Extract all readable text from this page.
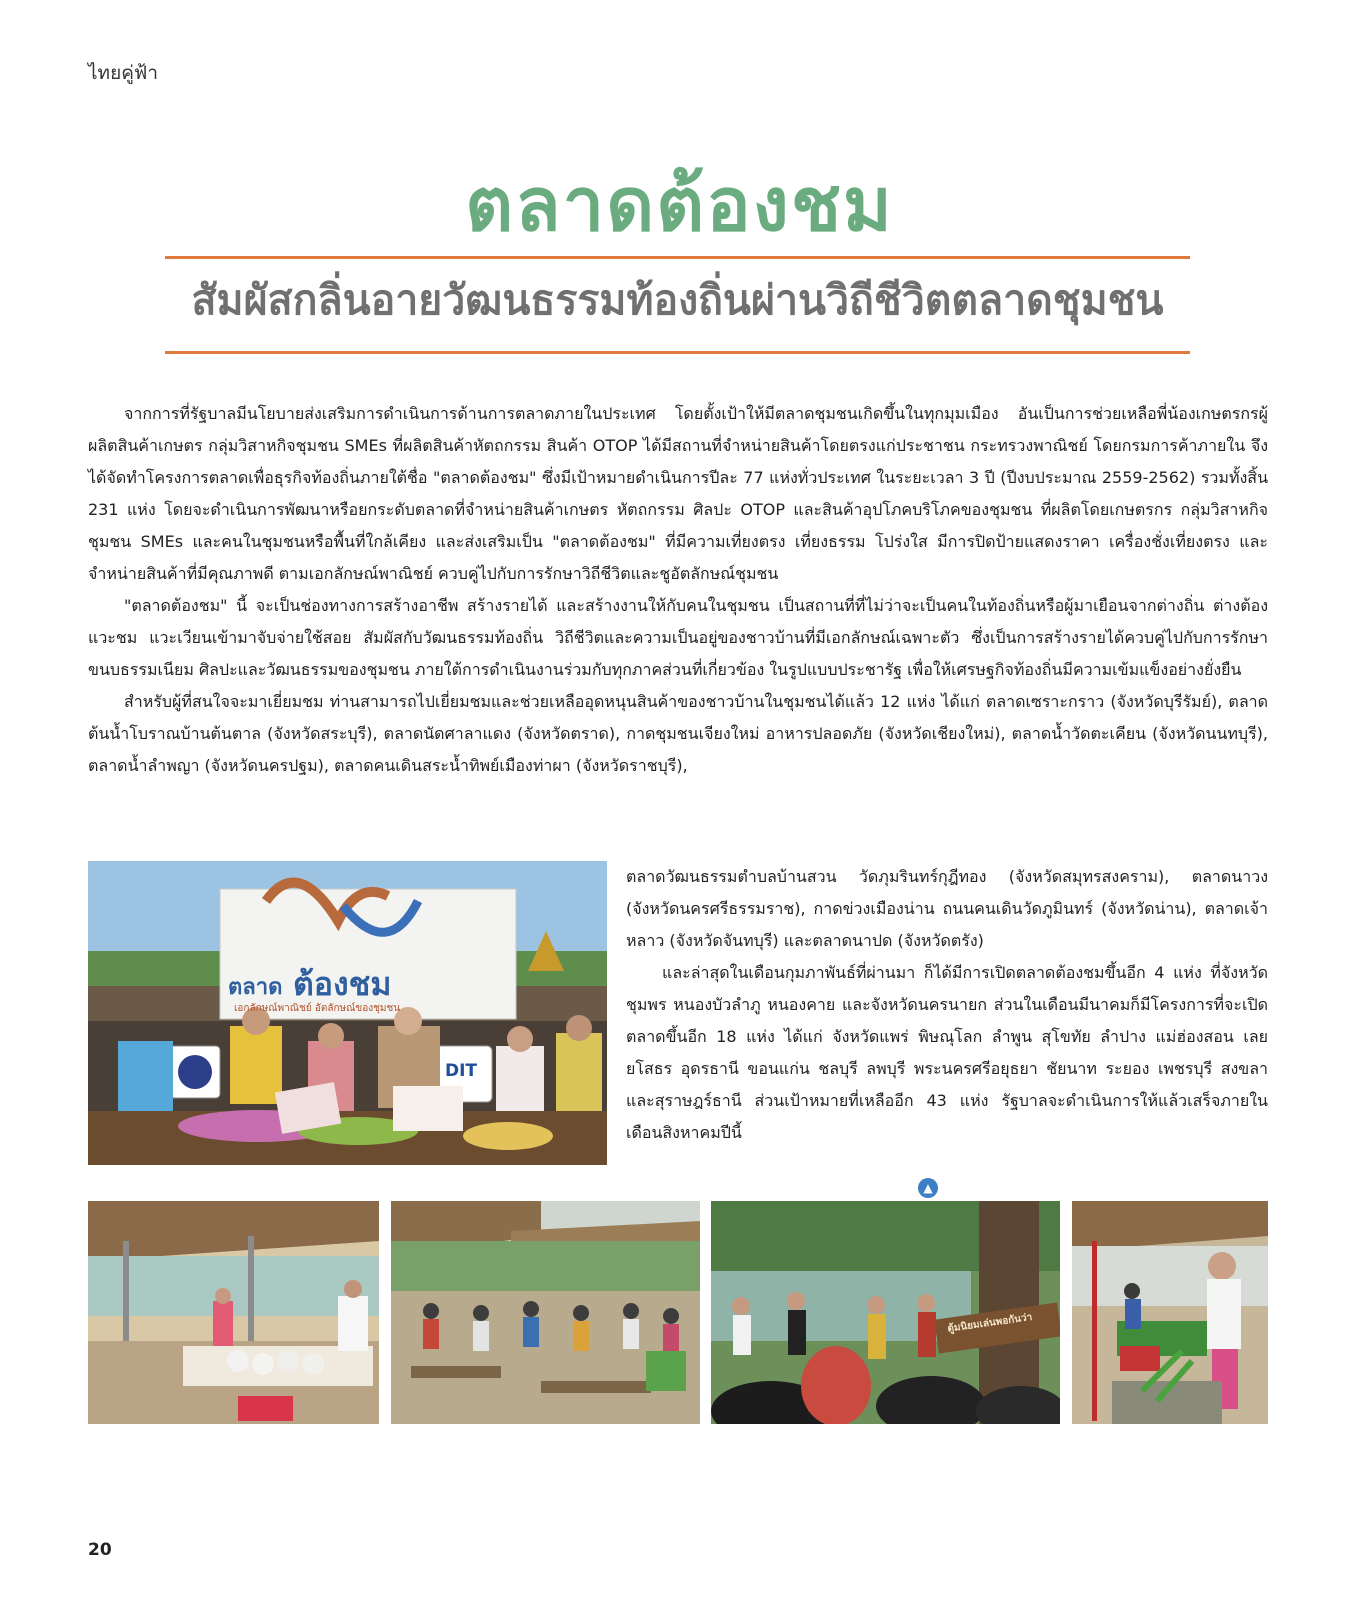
ไทยคู่ฟ้า
ตลาดต้องชม
สัมผัสกลิ่นอายวัฒนธรรมท้องถิ่นผ่านวิถีชีวิตตลาดชุมชน

จากการที่รัฐบาลมีนโยบายส่งเสริมการดำเนินการด้านการตลาดภายในประเทศ โดยตั้งเป้าให้มีตลาดชุมชนเกิดขึ้นในทุกมุมเมือง อันเป็นการช่วยเหลือพี่น้องเกษตรกรผู้ผลิตสินค้าเกษตร กลุ่มวิสาหกิจชุมชน SMEs ที่ผลิตสินค้าหัตถกรรม สินค้า OTOP ได้มีสถานที่จำหน่ายสินค้าโดยตรงแก่ประชาชน กระทรวงพาณิชย์ โดยกรมการค้าภายใน จึงได้จัดทำโครงการตลาดเพื่อธุรกิจท้องถิ่นภายใต้ชื่อ "ตลาดต้องชม" ซึ่งมีเป้าหมายดำเนินการปีละ 77 แห่งทั่วประเทศ ในระยะเวลา 3 ปี (ปีงบประมาณ 2559-2562) รวมทั้งสิ้น 231 แห่ง โดยจะดำเนินการพัฒนาหรือยกระดับตลาดที่จำหน่ายสินค้าเกษตร หัตถกรรม ศิลปะ OTOP และสินค้าอุปโภคบริโภคของชุมชน ที่ผลิตโดยเกษตรกร กลุ่มวิสาหกิจชุมชน SMEs และคนในชุมชนหรือพื้นที่ใกล้เคียง และส่งเสริมเป็น "ตลาดต้องชม" ที่มีความเที่ยงตรง เที่ยงธรรม โปร่งใส มีการปิดป้ายแสดงราคา เครื่องชั่งเที่ยงตรง และจำหน่ายสินค้าที่มีคุณภาพดี ตามเอกลักษณ์พาณิชย์ ควบคู่ไปกับการรักษาวิถีชีวิตและชูอัตลักษณ์ชุมชน

"ตลาดต้องชม" นี้ จะเป็นช่องทางการสร้างอาชีพ สร้างรายได้ และสร้างงานให้กับคนในชุมชน เป็นสถานที่ที่ไม่ว่าจะเป็นคนในท้องถิ่นหรือผู้มาเยือนจากต่างถิ่น ต่างต้องแวะชม แวะเวียนเข้ามาจับจ่ายใช้สอย สัมผัสกับวัฒนธรรมท้องถิ่น วิถีชีวิตและความเป็นอยู่ของชาวบ้านที่มีเอกลักษณ์เฉพาะตัว ซึ่งเป็นการสร้างรายได้ควบคู่ไปกับการรักษาขนบธรรมเนียม ศิลปะและวัฒนธรรมของชุมชน ภายใต้การดำเนินงานร่วมกับทุกภาคส่วนที่เกี่ยวข้อง ในรูปแบบประชารัฐ เพื่อให้เศรษฐกิจท้องถิ่นมีความเข้มแข็งอย่างยั่งยืน

สำหรับผู้ที่สนใจจะมาเยี่ยมชม ท่านสามารถไปเยี่ยมชมและช่วยเหลืออุดหนุนสินค้าของชาวบ้านในชุมชนได้แล้ว 12 แห่ง ได้แก่ ตลาดเซราะกราว (จังหวัดบุรีรัมย์), ตลาดต้นน้ำโบราณบ้านต้นตาล (จังหวัดสระบุรี), ตลาดนัดศาลาแดง (จังหวัดตราด), กาดชุมชนเจียงใหม่ อาหารปลอดภัย (จังหวัดเชียงใหม่), ตลาดน้ำวัดตะเคียน (จังหวัดนนทบุรี), ตลาดน้ำลำพญา (จังหวัดนครปฐม), ตลาดคนเดินสระน้ำทิพย์เมืองท่าผา (จังหวัดราชบุรี),

ตลาด ต้องชม
เอกลักษณ์พาณิชย์ อัตลักษณ์ของชุมชน
DIT

ตลาดวัฒนธรรมตำบลบ้านสวน วัดภุมรินทร์กุฎีทอง (จังหวัดสมุทรสงคราม), ตลาดนาวง (จังหวัดนครศรีธรรมราช), กาดข่วงเมืองน่าน ถนนคนเดินวัดภูมินทร์ (จังหวัดน่าน), ตลาดเจ้าหลาว (จังหวัดจันทบุรี) และตลาดนาปด (จังหวัดตรัง)

และล่าสุดในเดือนกุมภาพันธ์ที่ผ่านมา ก็ได้มีการเปิดตลาดต้องชมขึ้นอีก 4 แห่ง ที่จังหวัดชุมพร หนองบัวลำภู หนองคาย และจังหวัดนครนายก ส่วนในเดือนมีนาคมก็มีโครงการที่จะเปิดตลาดขึ้นอีก 18 แห่ง ได้แก่ จังหวัดแพร่ พิษณุโลก ลำพูน สุโขทัย ลำปาง แม่ฮ่องสอน เลย ยโสธร อุดรธานี ขอนแก่น ชลบุรี ลพบุรี พระนครศรีอยุธยา ชัยนาท ระยอง เพชรบุรี สงขลา และสุราษฎร์ธานี ส่วนเป้าหมายที่เหลืออีก 43 แห่ง รัฐบาลจะดำเนินการให้แล้วเสร็จภายในเดือนสิงหาคมปีนี้

▲
ตู้มนิยมเล่นพอกันว่า
20
